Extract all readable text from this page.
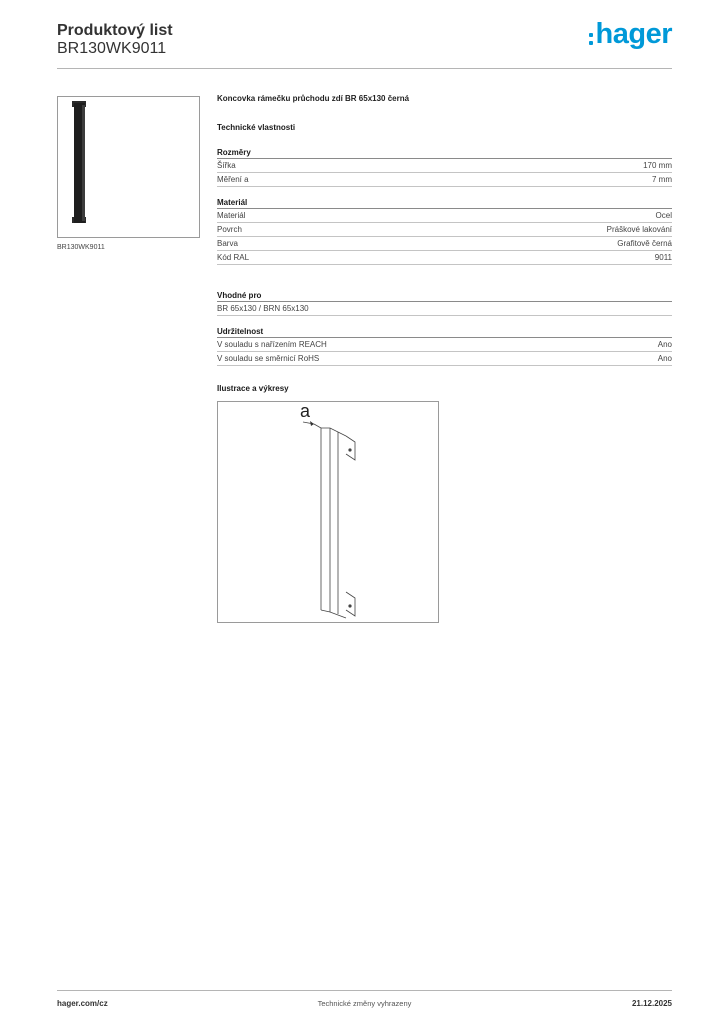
Produktový list
BR130WK9011	hager
BR130WK9011
Koncovka rámečku průchodu zdí BR 65x130 černá
Technické vlastnosti
Rozměry
Šířka	170 mm
Měření a	7 mm
Materiál
Materiál	Ocel
Povrch	Práškové lakování
Barva	Grafitově černá
Kód RAL	9011
Vhodné pro
BR 65x130 / BRN 65x130
Udržitelnost
V souladu s nařízením REACH	Ano
V souladu se směrnicí RoHS	Ano
Ilustrace a výkresy
a
hager.com/cz	Technické změny vyhrazeny	21.12.2025
